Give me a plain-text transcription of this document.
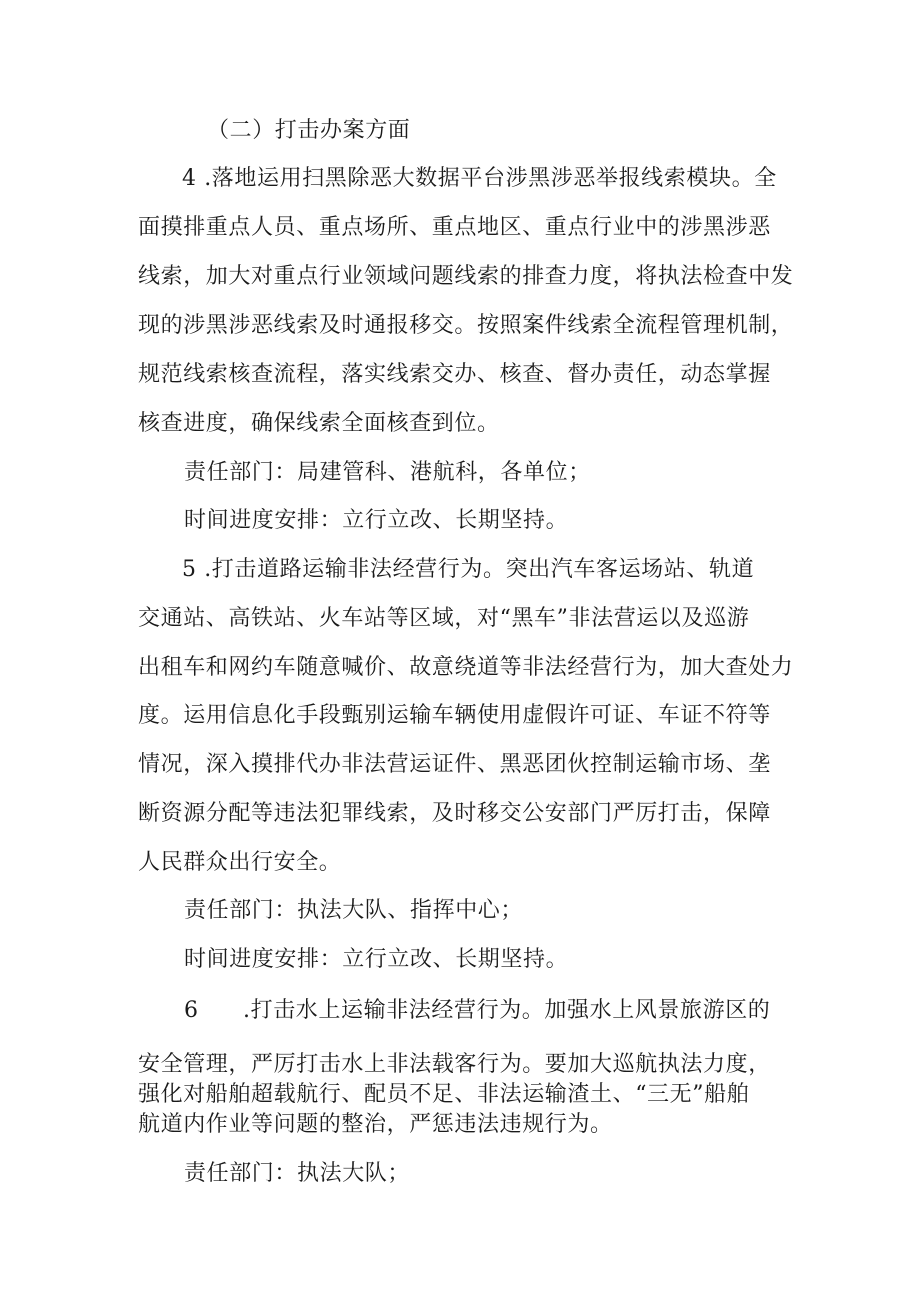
（二）打击办案方面
4 .落地运用扫黑除恶大数据平台涉黑涉恶举报线索模块。全
面摸排重点人员、重点场所、重点地区、重点行业中的涉黑涉恶
线索，加大对重点行业领域问题线索的排查力度，将执法检查中发
现的涉黑涉恶线索及时通报移交。按照案件线索全流程管理机制，
规范线索核查流程，落实线索交办、核查、督办责任，动态掌握
核查进度，确保线索全面核查到位。
责任部门：局建管科、港航科，各单位；
时间进度安排：立行立改、长期坚持。
5 .打击道路运输非法经营行为。突出汽车客运场站、轨道
交通站、高铁站、火车站等区域，对“黑车”非法营运以及巡游
出租车和网约车随意喊价、故意绕道等非法经营行为，加大查处力
度。运用信息化手段甄别运输车辆使用虚假许可证、车证不符等
情况，深入摸排代办非法营运证件、黑恶团伙控制运输市场、垄
断资源分配等违法犯罪线索，及时移交公安部门严厉打击，保障
人民群众出行安全。
责任部门：执法大队、指挥中心；
时间进度安排：立行立改、长期坚持。
6 .打击水上运输非法经营行为。加强水上风景旅游区的
安全管理，严厉打击水上非法载客行为。要加大巡航执法力度，
强化对船舶超载航行、配员不足、非法运输渣土、“三无”船舶
航道内作业等问题的整治，严惩违法违规行为。
责任部门：执法大队；
